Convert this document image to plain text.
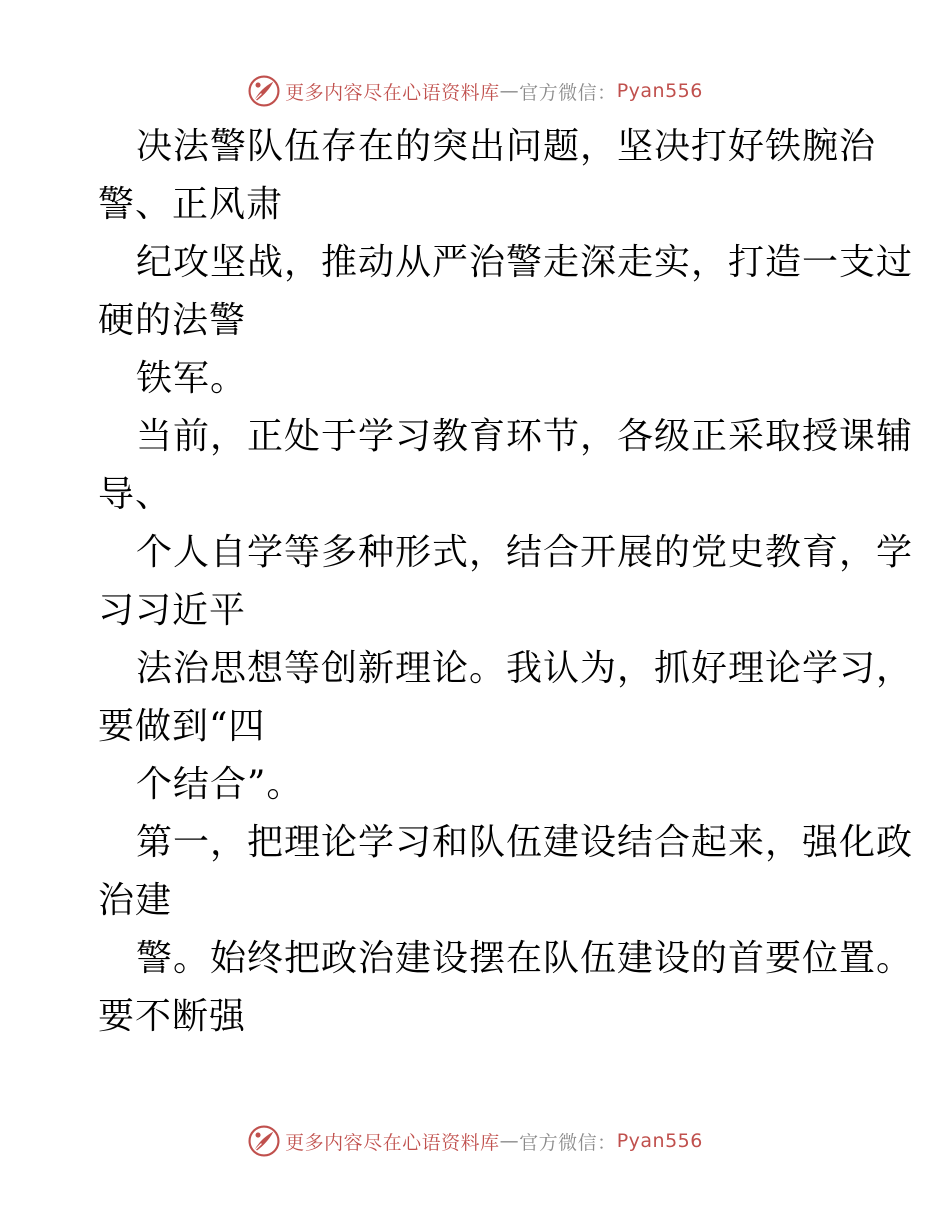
更多内容尽在心语资料库 — 官方微信： Pyan556
决法警队伍存在的突出问题，坚决打好铁腕治
警、正风肃
纪攻坚战，推动从严治警走深走实，打造一支过
硬的法警
铁军。
当前，正处于学习教育环节，各级正采取授课辅
导、
个人自学等多种形式，结合开展的党史教育，学
习习近平
法治思想等创新理论。我认为，抓好理论学习，
要做到“四
个结合”。
第一，把理论学习和队伍建设结合起来，强化政
治建
警。始终把政治建设摆在队伍建设的首要位置。
要不断强
更多内容尽在心语资料库 — 官方微信： Pyan556
